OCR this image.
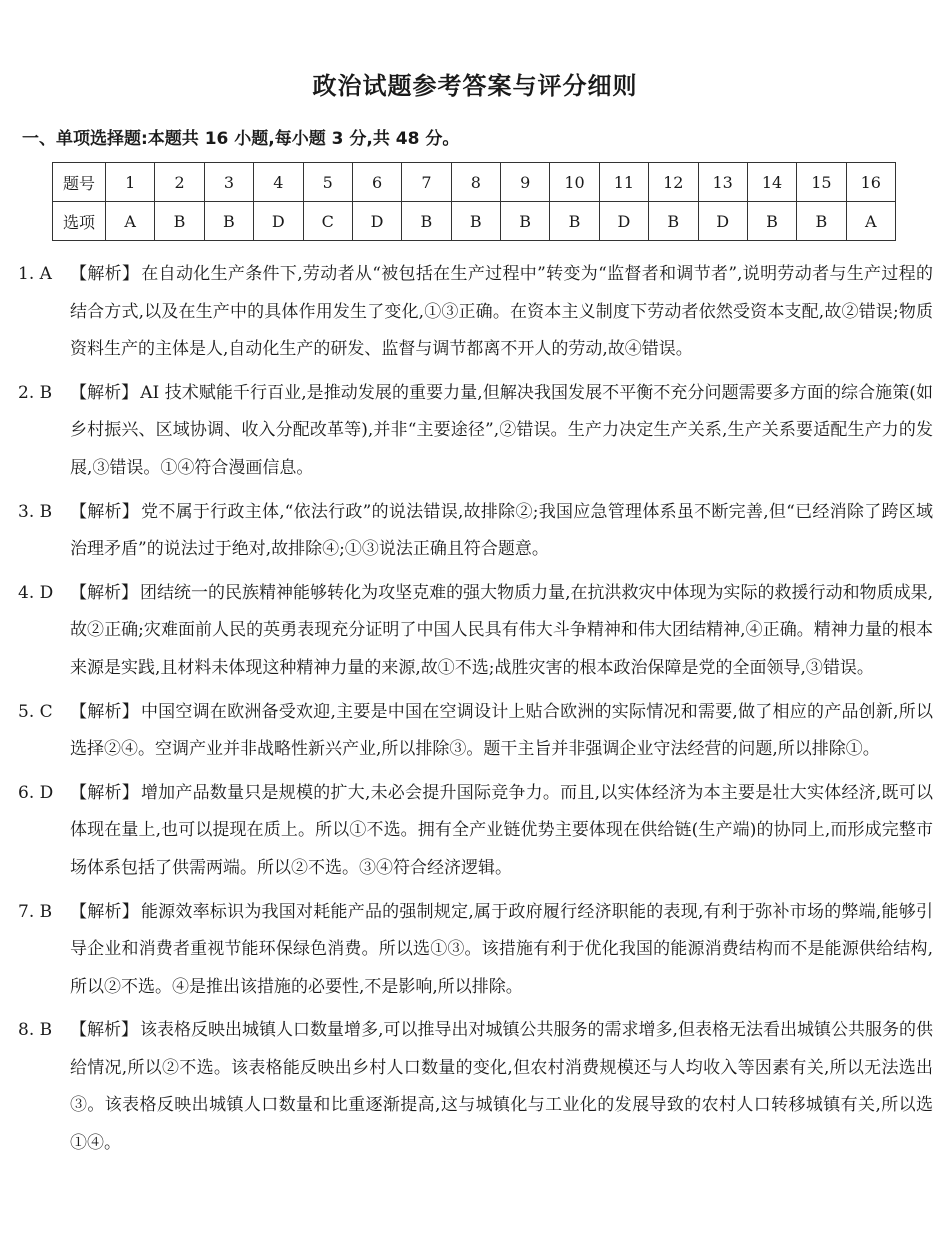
政治试题参考答案与评分细则
一、单项选择题:本题共 16 小题,每小题 3 分,共 48 分。
题号	1	2	3	4	5	6	7	8	9	10	11	12	13	14	15	16
选项	A	B	B	D	C	D	B	B	B	B	D	B	D	B	B	A
1. A	【解析】 在自动化生产条件下,劳动者从“被包括在生产过程中”转变为“监督者和调节者”,说明劳动者与生产过程的结合方式,以及在生产中的具体作用发生了变化,①③正确。在资本主义制度下劳动者依然受资本支配,故②错误;物质资料生产的主体是人,自动化生产的研发、监督与调节都离不开人的劳动,故④错误。
2. B	【解析】 AI 技术赋能千行百业,是推动发展的重要力量,但解决我国发展不平衡不充分问题需要多方面的综合施策(如乡村振兴、区域协调、收入分配改革等),并非“主要途径”,②错误。生产力决定生产关系,生产关系要适配生产力的发展,③错误。①④符合漫画信息。
3. B	【解析】 党不属于行政主体,“依法行政”的说法错误,故排除②;我国应急管理体系虽不断完善,但“已经消除了跨区域治理矛盾”的说法过于绝对,故排除④;①③说法正确且符合题意。
4. D 【解析】 团结统一的民族精神能够转化为攻坚克难的强大物质力量,在抗洪救灾中体现为实际的救援行动和物质成果,故②正确;灾难面前人民的英勇表现充分证明了中国人民具有伟大斗争精神和伟大团结精神,④正确。精神力量的根本来源是实践,且材料未体现这种精神力量的来源,故①不选;战胜灾害的根本政治保障是党的全面领导,③错误。
5. C	【解析】 中国空调在欧洲备受欢迎,主要是中国在空调设计上贴合欧洲的实际情况和需要,做了相应的产品创新,所以选择②④。空调产业并非战略性新兴产业,所以排除③。题干主旨并非强调企业守法经营的问题,所以排除①。
6. D 【解析】 增加产品数量只是规模的扩大,未必会提升国际竞争力。而且,以实体经济为本主要是壮大实体经济,既可以体现在量上,也可以提现在质上。所以①不选。拥有全产业链优势主要体现在供给链(生产端)的协同上,而形成完整市场体系包括了供需两端。所以②不选。③④符合经济逻辑。
7. B	【解析】 能源效率标识为我国对耗能产品的强制规定,属于政府履行经济职能的表现,有利于弥补市场的弊端,能够引导企业和消费者重视节能环保绿色消费。所以选①③。该措施有利于优化我国的能源消费结构而不是能源供给结构,所以②不选。④是推出该措施的必要性,不是影响,所以排除。
8. B	【解析】 该表格反映出城镇人口数量增多,可以推导出对城镇公共服务的需求增多,但表格无法看出城镇公共服务的供给情况,所以②不选。该表格能反映出乡村人口数量的变化,但农村消费规模还与人均收入等因素有关,所以无法选出③。该表格反映出城镇人口数量和比重逐渐提高,这与城镇化与工业化的发展导致的农村人口转移城镇有关,所以选①④。
